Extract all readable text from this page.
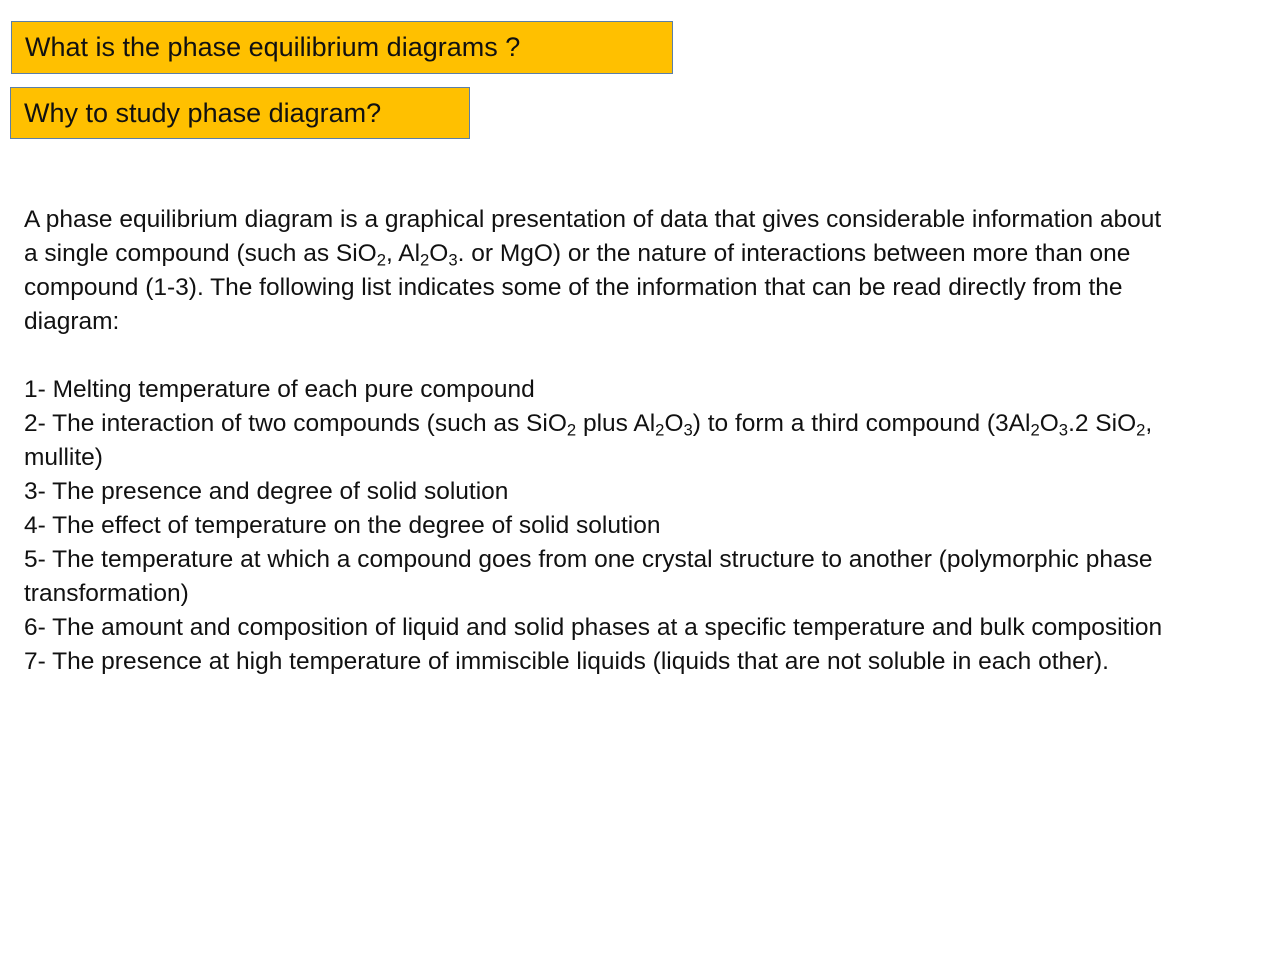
What is the phase equilibrium diagrams ?
Why to study phase diagram?

A phase equilibrium diagram is a graphical presentation of data that gives considerable information about
a single compound (such as SiO$_2$, $Al_2O_3$. or MgO) or the nature of interactions between more than one
compound (1-3). The following list indicates some of the information that can be read directly from the
diagram:

1- Melting temperature of each pure compound
2- The interaction of two compounds (such as SiO$_2$ plus $Al_2O_3$) to form a third compound ($3Al_2O_3.2$ SiO$_2$,
mullite)
3- The presence and degree of solid solution
4- The effect of temperature on the degree of solid solution
5- The temperature at which a compound goes from one crystal structure to another (polymorphic phase
transformation)
6- The amount and composition of liquid and solid phases at a specific temperature and bulk composition
7- The presence at high temperature of immiscible liquids (liquids that are not soluble in each other).
